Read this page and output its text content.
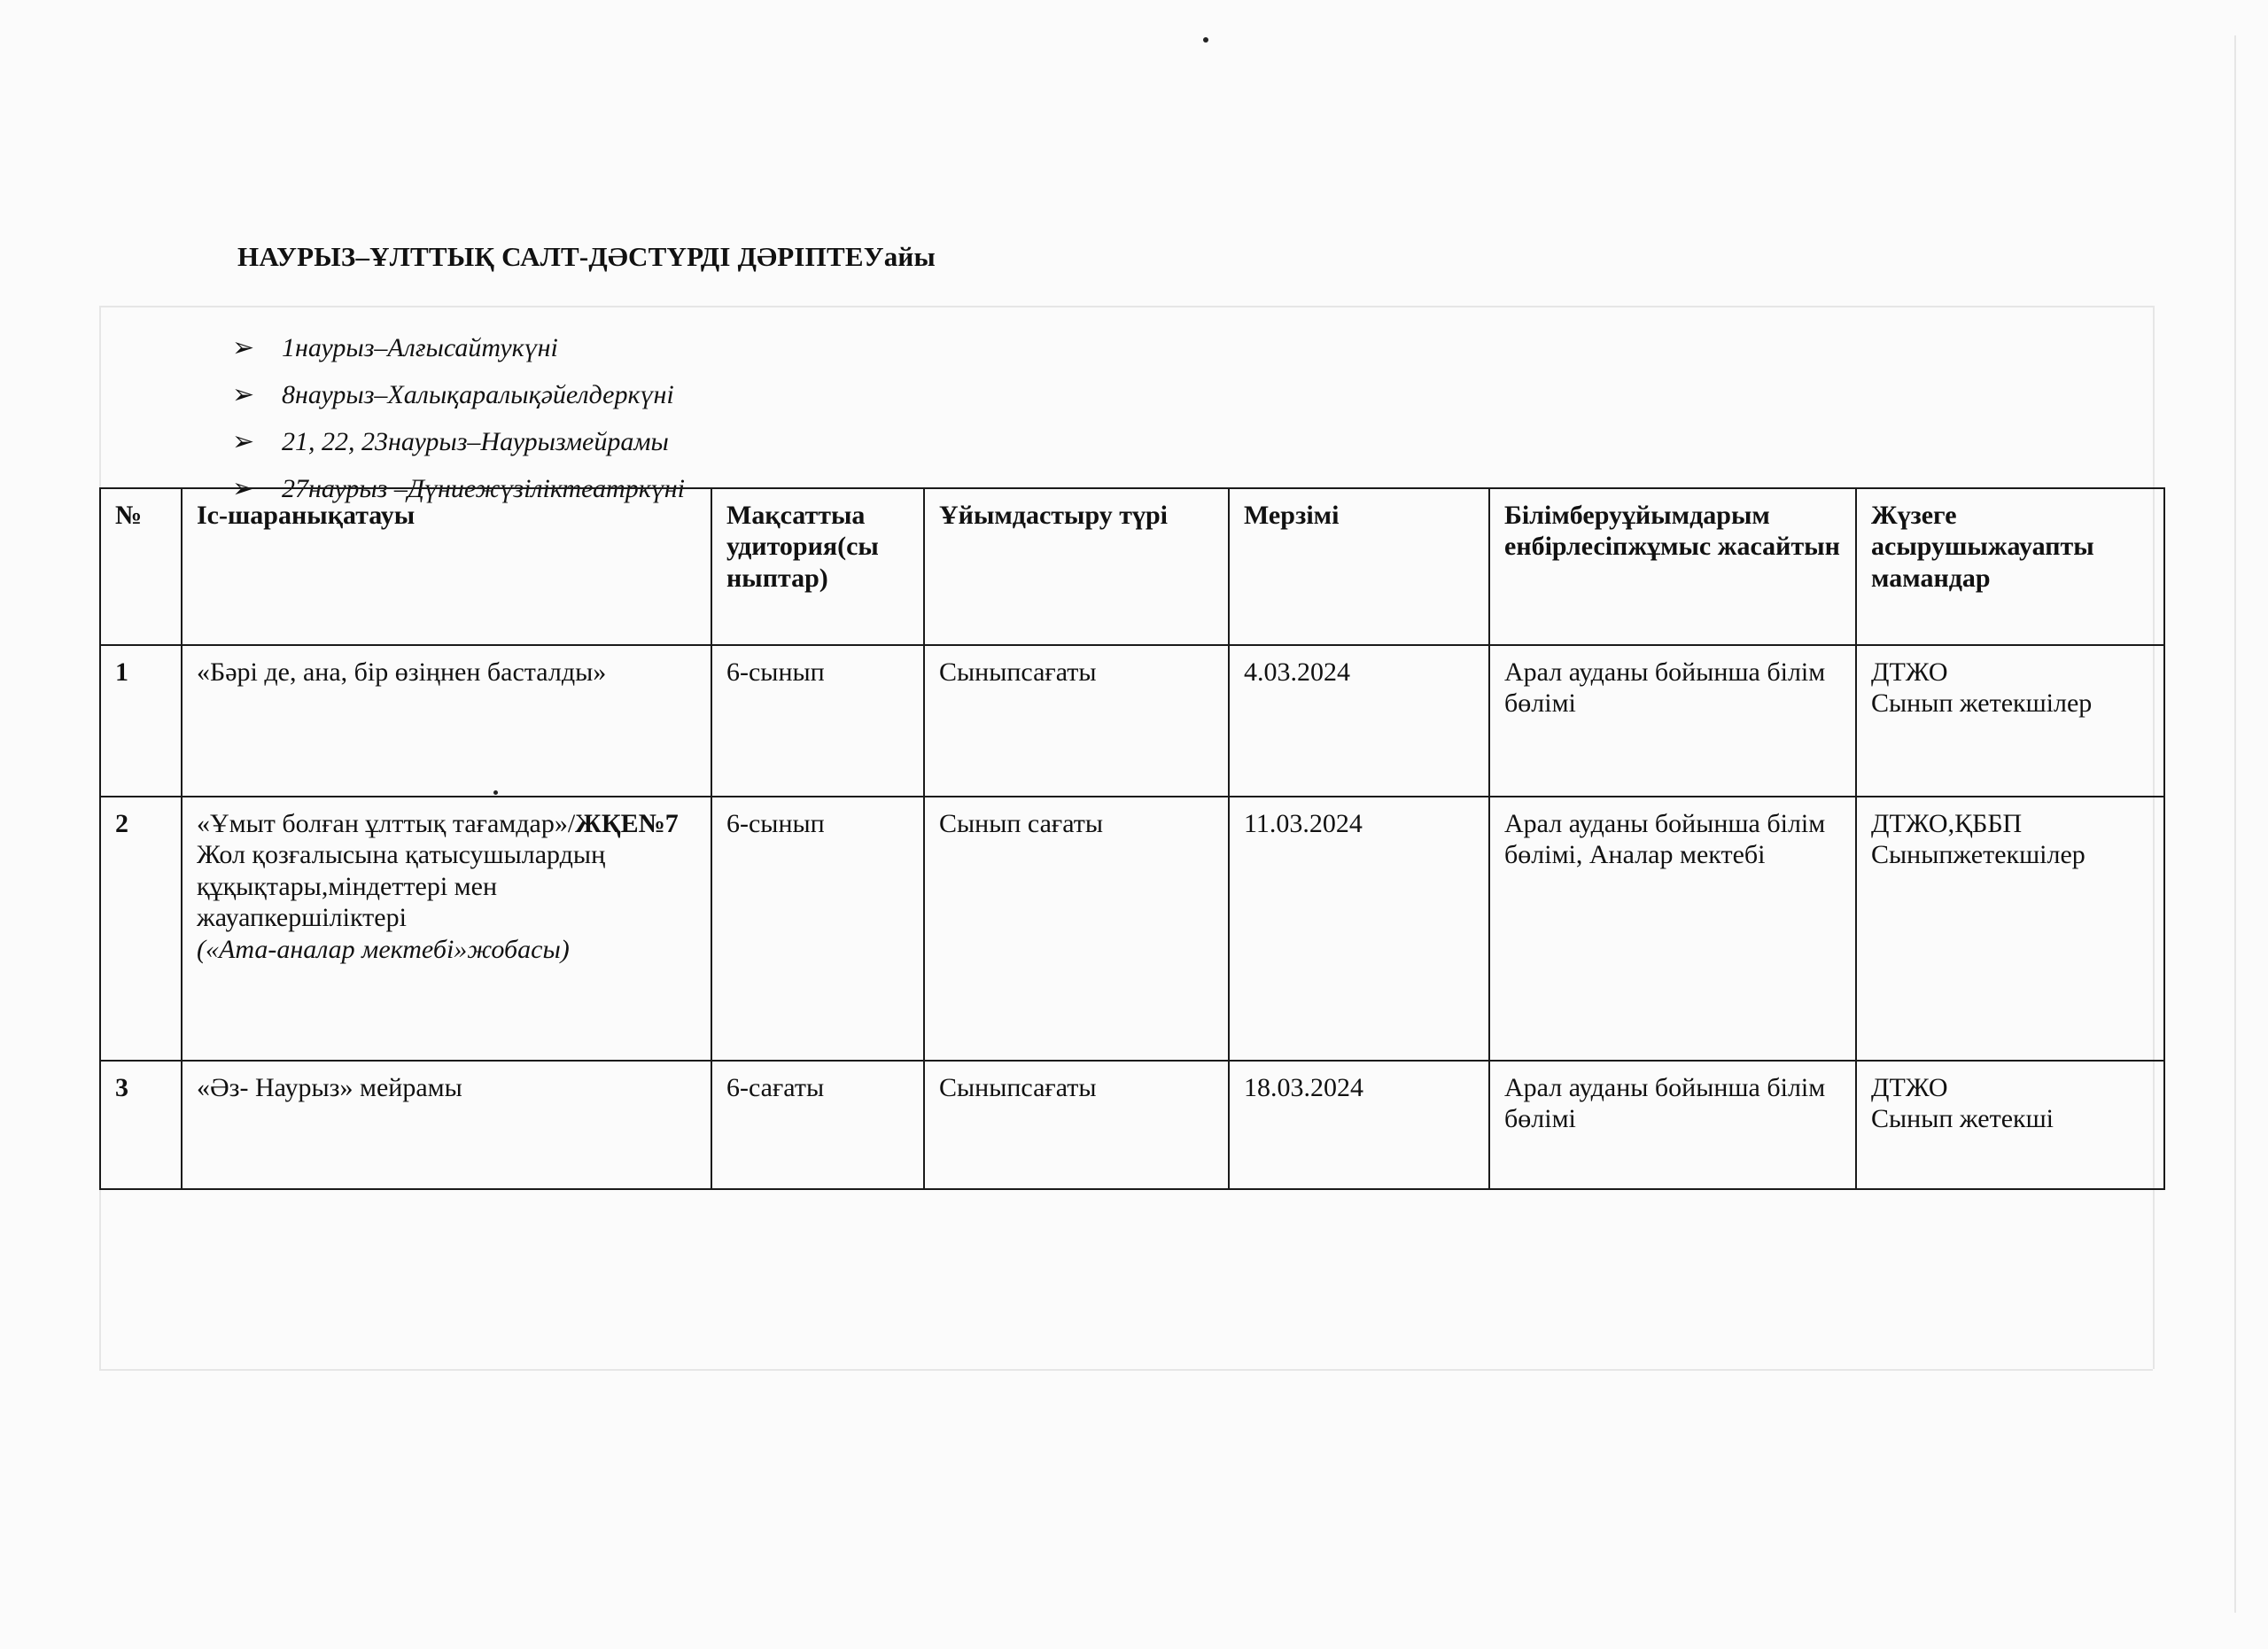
НАУРЫЗ–ҰЛТТЫҚ САЛТ-ДӘСТҮРДІ ДӘРІПТЕУайы
➢ 1наурыз–Алғысайтукүні
➢ 8наурыз–Халықаралықәйелдеркүні
➢ 21, 22, 23наурыз–Наурызмейрамы
➢ 27наурыз –Дүниежүзіліктеатркүні
№	Іс-шаранықатауы	Мақсаттыа удитория(сы ныптар)	Ұйымдастыру түрі	Мерзімі	Білімберуұйымдарым енбірлесіпжұмыс жасайтын	Жүзеге асырушыжауапты мамандар
1	«Бәрі де, ана, бір өзіңнен басталды»	6-сынып	Сыныпсағаты	4.03.2024	Арал ауданы бойынша білім бөлімі	ДТЖО
Сынып жетекшілер

2	«Ұмыт болған ұлттық тағамдар»/ЖҚЕ№7 Жол қозғалысына қатысушылардың құқықтары,міндеттері мен жауапкершіліктері
(«Ата-аналар мектебі»жобасы)	6-сынып	Сынып сағаты	11.03.2024	Арал ауданы бойынша білім бөлімі, Аналар мектебі	ДТЖО,ҚББП
Сыныпжетекшілер

3	«Әз- Наурыз» мейрамы	6-сағаты	Сыныпсағаты	18.03.2024	Арал ауданы бойынша білім бөлімі	ДТЖО
Сынып жетекші
